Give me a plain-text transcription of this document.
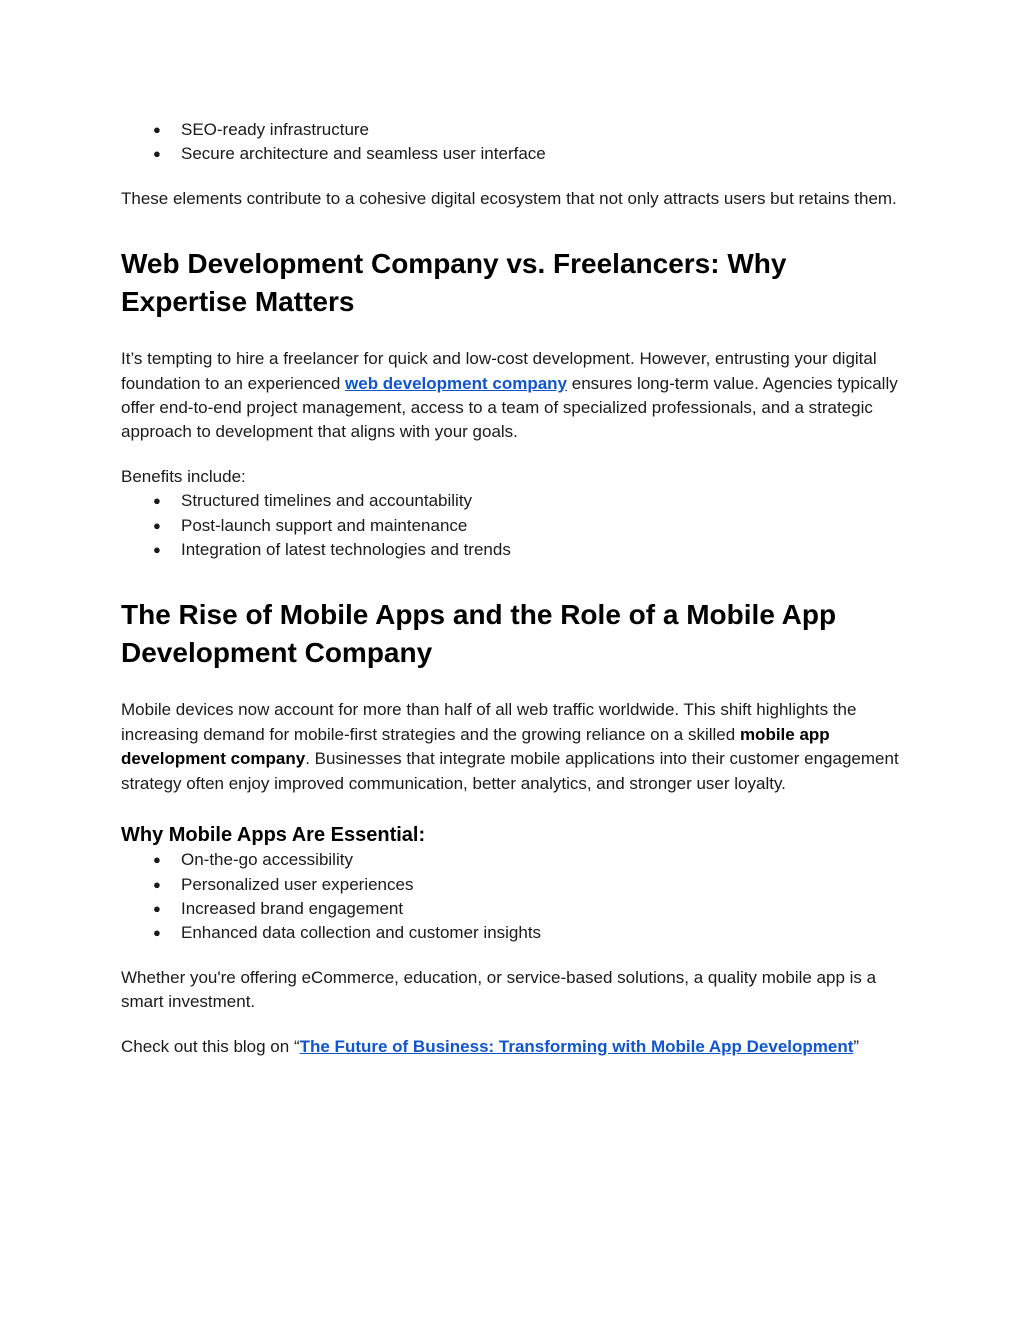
● SEO-ready infrastructure
● Secure architecture and seamless user interface

These elements contribute to a cohesive digital ecosystem that not only attracts users but retains them.

Web Development Company vs. Freelancers: Why Expertise Matters

It’s tempting to hire a freelancer for quick and low-cost development. However, entrusting your digital foundation to an experienced web development company ensures long-term value. Agencies typically offer end-to-end project management, access to a team of specialized professionals, and a strategic approach to development that aligns with your goals.

Benefits include:

● Structured timelines and accountability
● Post-launch support and maintenance
● Integration of latest technologies and trends
The Rise of Mobile Apps and the Role of a Mobile App Development Company

Mobile devices now account for more than half of all web traffic worldwide. This shift highlights the increasing demand for mobile-first strategies and the growing reliance on a skilled mobile app development company. Businesses that integrate mobile applications into their customer engagement strategy often enjoy improved communication, better analytics, and stronger user loyalty.

Why Mobile Apps Are Essential:
● On-the-go accessibility
● Personalized user experiences
● Increased brand engagement
● Enhanced data collection and customer insights

Whether you're offering eCommerce, education, or service-based solutions, a quality mobile app is a smart investment.

Check out this blog on “The Future of Business: Transforming with Mobile App Development”
